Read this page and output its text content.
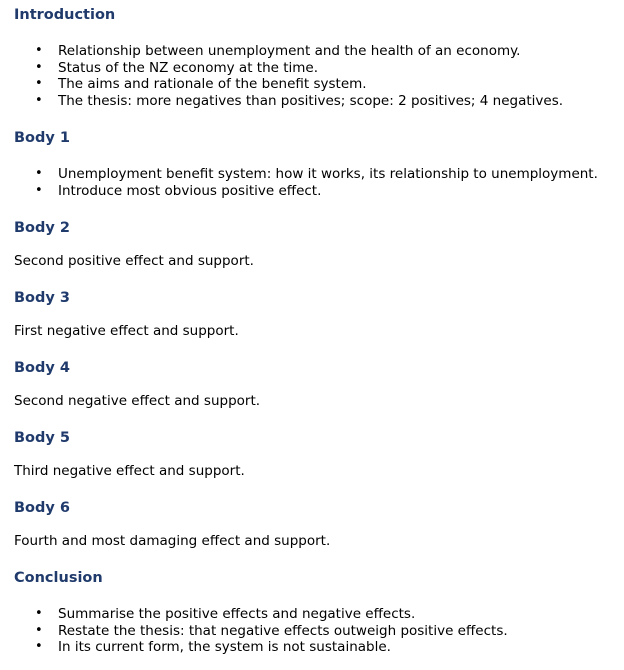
Introduction
• Relationship between unemployment and the health of an economy.
• Status of the NZ economy at the time.
• The aims and rationale of the benefit system.
• The thesis: more negatives than positives; scope: 2 positives; 4 negatives.
Body 1
• Unemployment benefit system: how it works, its relationship to unemployment.
• Introduce most obvious positive effect.
Body 2

Second positive effect and support.

Body 3

First negative effect and support.

Body 4

Second negative effect and support.

Body 5

Third negative effect and support.

Body 6

Fourth and most damaging effect and support.

Conclusion
• Summarise the positive effects and negative effects.
• Restate the thesis: that negative effects outweigh positive effects.
• In its current form, the system is not sustainable.
